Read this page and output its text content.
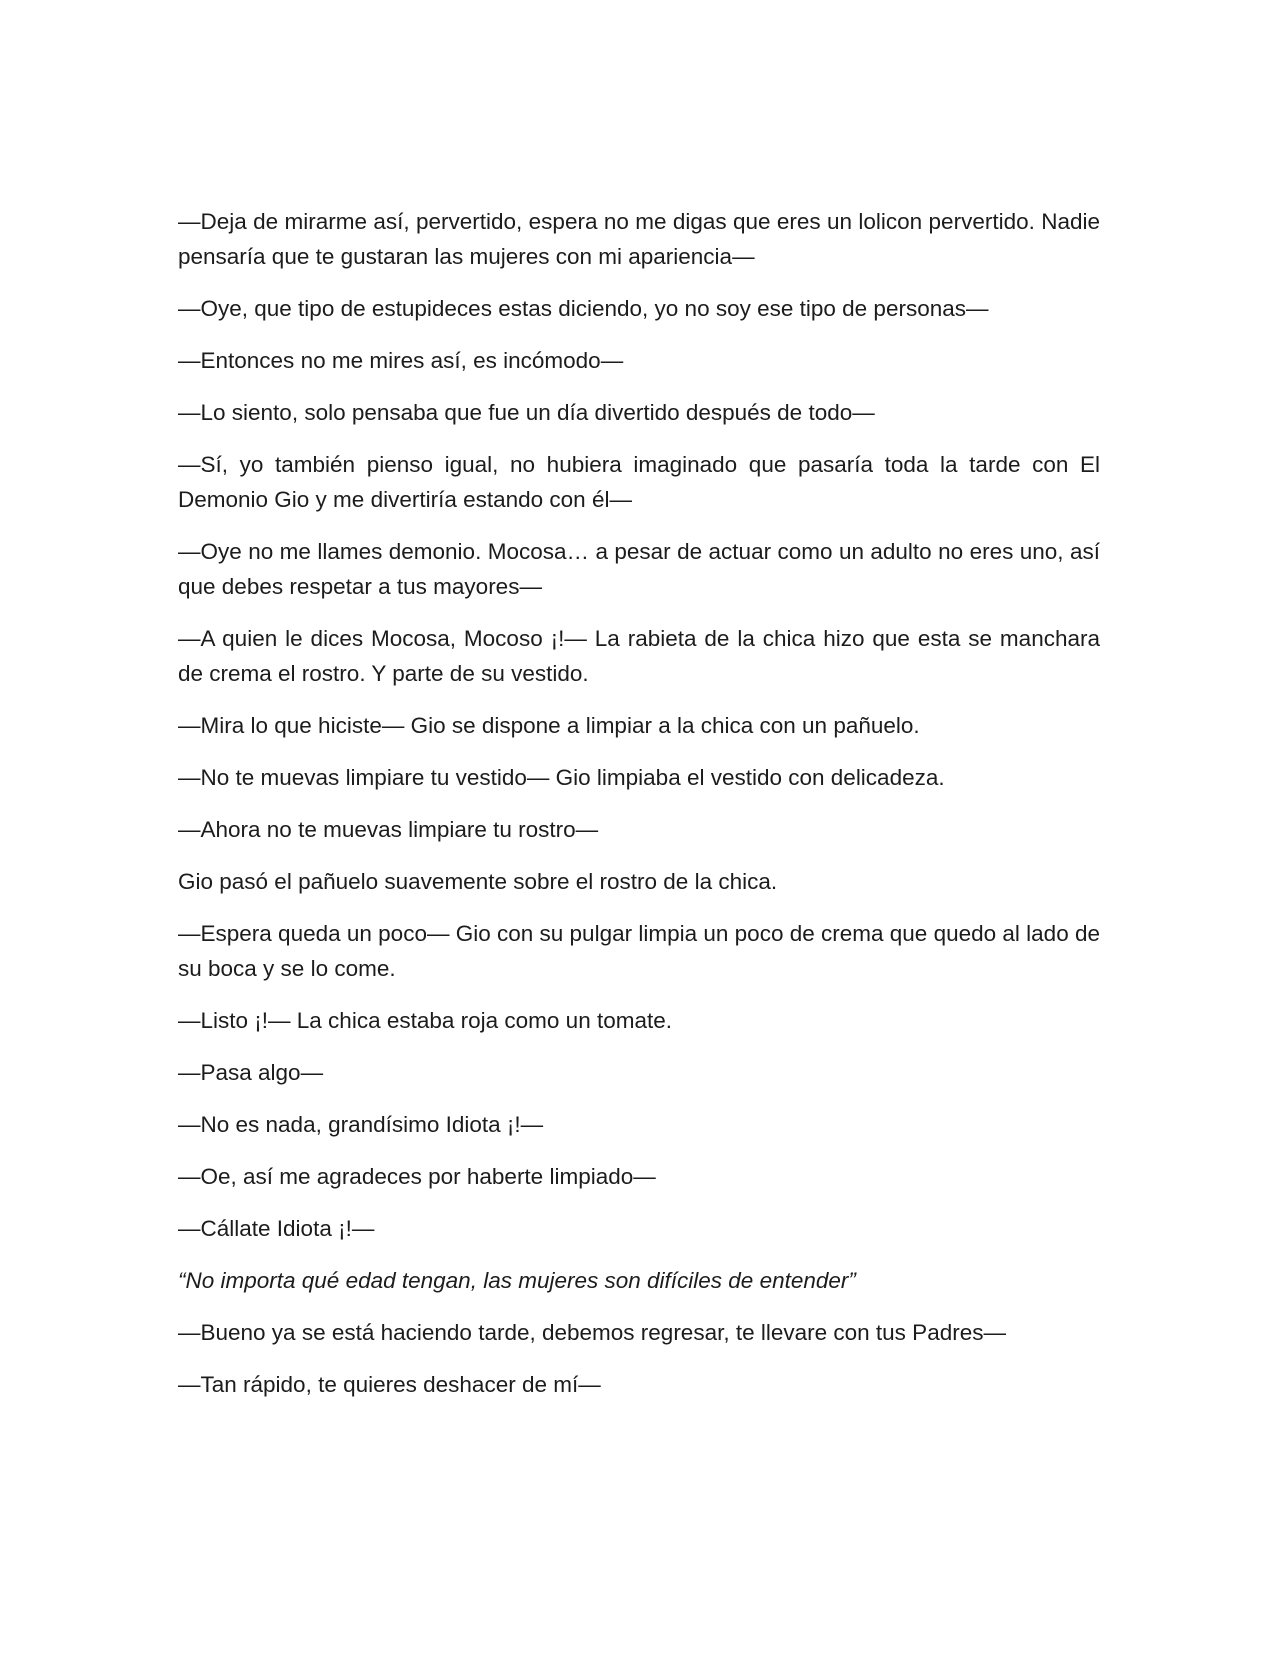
—Deja de mirarme así, pervertido, espera no me digas que eres un lolicon pervertido. Nadie pensaría que te gustaran las mujeres con mi apariencia—

—Oye, que tipo de estupideces estas diciendo, yo no soy ese tipo de personas—

—Entonces no me mires así, es incómodo—

—Lo siento, solo pensaba que fue un día divertido después de todo—

—Sí, yo también pienso igual, no hubiera imaginado que pasaría toda la tarde con El Demonio Gio y me divertiría estando con él—

—Oye no me llames demonio. Mocosa… a pesar de actuar como un adulto no eres uno, así que debes respetar a tus mayores—

—A quien le dices Mocosa, Mocoso ¡!— La rabieta de la chica hizo que esta se manchara de crema el rostro. Y parte de su vestido.

—Mira lo que hiciste— Gio se dispone a limpiar a la chica con un pañuelo.

—No te muevas limpiare tu vestido— Gio limpiaba el vestido con delicadeza.

—Ahora no te muevas limpiare tu rostro—

Gio pasó el pañuelo suavemente sobre el rostro de la chica.

—Espera queda un poco— Gio con su pulgar limpia un poco de crema que quedo al lado de su boca y se lo come.

—Listo ¡!— La chica estaba roja como un tomate.

—Pasa algo—

—No es nada, grandísimo Idiota ¡!—

—Oe, así me agradeces por haberte limpiado—

—Cállate Idiota ¡!—

“No importa qué edad tengan, las mujeres son difíciles de entender”

—Bueno ya se está haciendo tarde, debemos regresar, te llevare con tus Padres—

—Tan rápido, te quieres deshacer de mí—
